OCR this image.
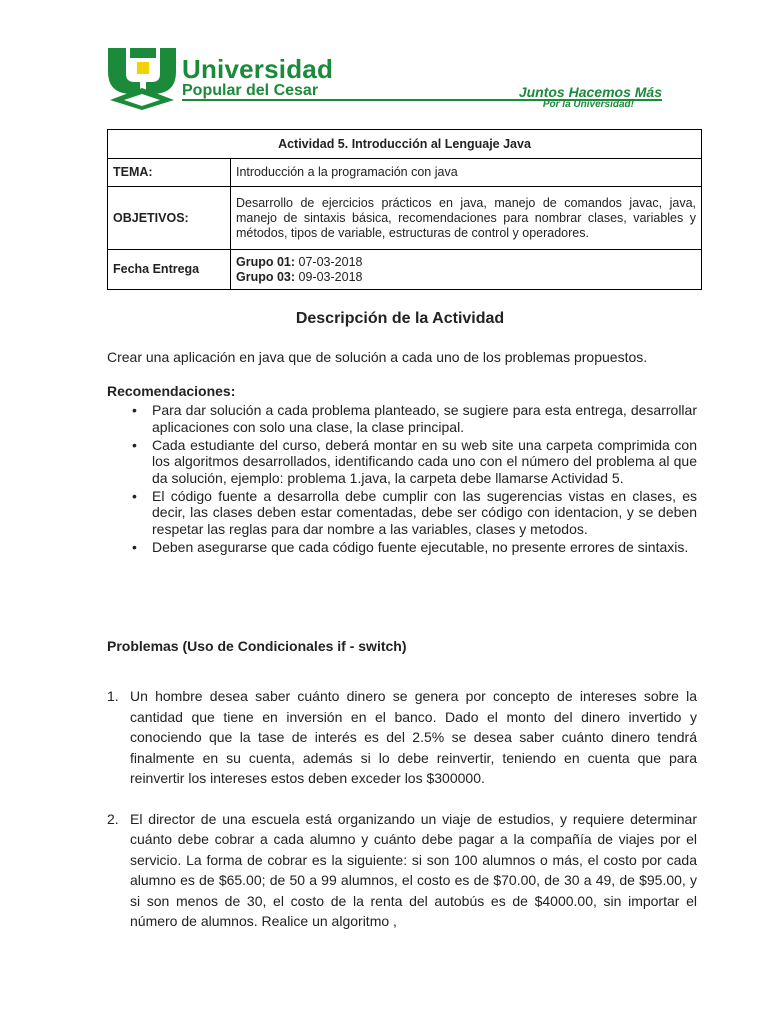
Universidad
Popular del Cesar	Juntos Hacemos Más
Por la Universidad!
Actividad 5. Introducción al Lenguaje Java	
TEMA:	Introducción a la programación con java
OBJETIVOS:	Desarrollo de ejercicios prácticos en java, manejo de comandos javac, java, manejo de sintaxis básica, recomendaciones para nombrar clases, variables y métodos, tipos de variable, estructuras de control y operadores.
Fecha Entrega	Grupo 01: 07-03-2018
Grupo 03: 09-03-2018
Descripción de la Actividad
Crear una aplicación en java que de solución a cada uno de los problemas propuestos.
Recomendaciones:
• Para dar solución a cada problema planteado, se sugiere para esta entrega, desarrollar aplicaciones con solo una clase, la clase principal.
• Cada estudiante del curso, deberá montar en su web site una carpeta comprimida con los algoritmos desarrollados, identificando cada uno con el número del problema al que da solución, ejemplo: problema 1.java, la carpeta debe llamarse Actividad 5.
• El código fuente a desarrolla debe cumplir con las sugerencias vistas en clases, es decir, las clases deben estar comentadas, debe ser código con identacion, y se deben respetar las reglas para dar nombre a las variables, clases y metodos.
• Deben asegurarse que cada código fuente ejecutable, no presente errores de sintaxis.
Problemas (Uso de Condicionales if - switch)
1. Un hombre desea saber cuánto dinero se genera por concepto de intereses sobre la cantidad que tiene en inversión en el banco. Dado el monto del dinero invertido y conociendo que la tase de interés es del 2.5% se desea saber cuánto dinero tendrá finalmente en su cuenta, además si lo debe reinvertir, teniendo en cuenta que para reinvertir los intereses estos deben exceder los $300000.
2. El director de una escuela está organizando un viaje de estudios, y requiere determinar cuánto debe cobrar a cada alumno y cuánto debe pagar a la compañía de viajes por el servicio. La forma de cobrar es la siguiente: si son 100 alumnos o más, el costo por cada alumno es de $65.00; de 50 a 99 alumnos, el costo es de $70.00, de 30 a 49, de $95.00, y si son menos de 30, el costo de la renta del autobús es de $4000.00, sin importar el número de alumnos. Realice un algoritmo ,
